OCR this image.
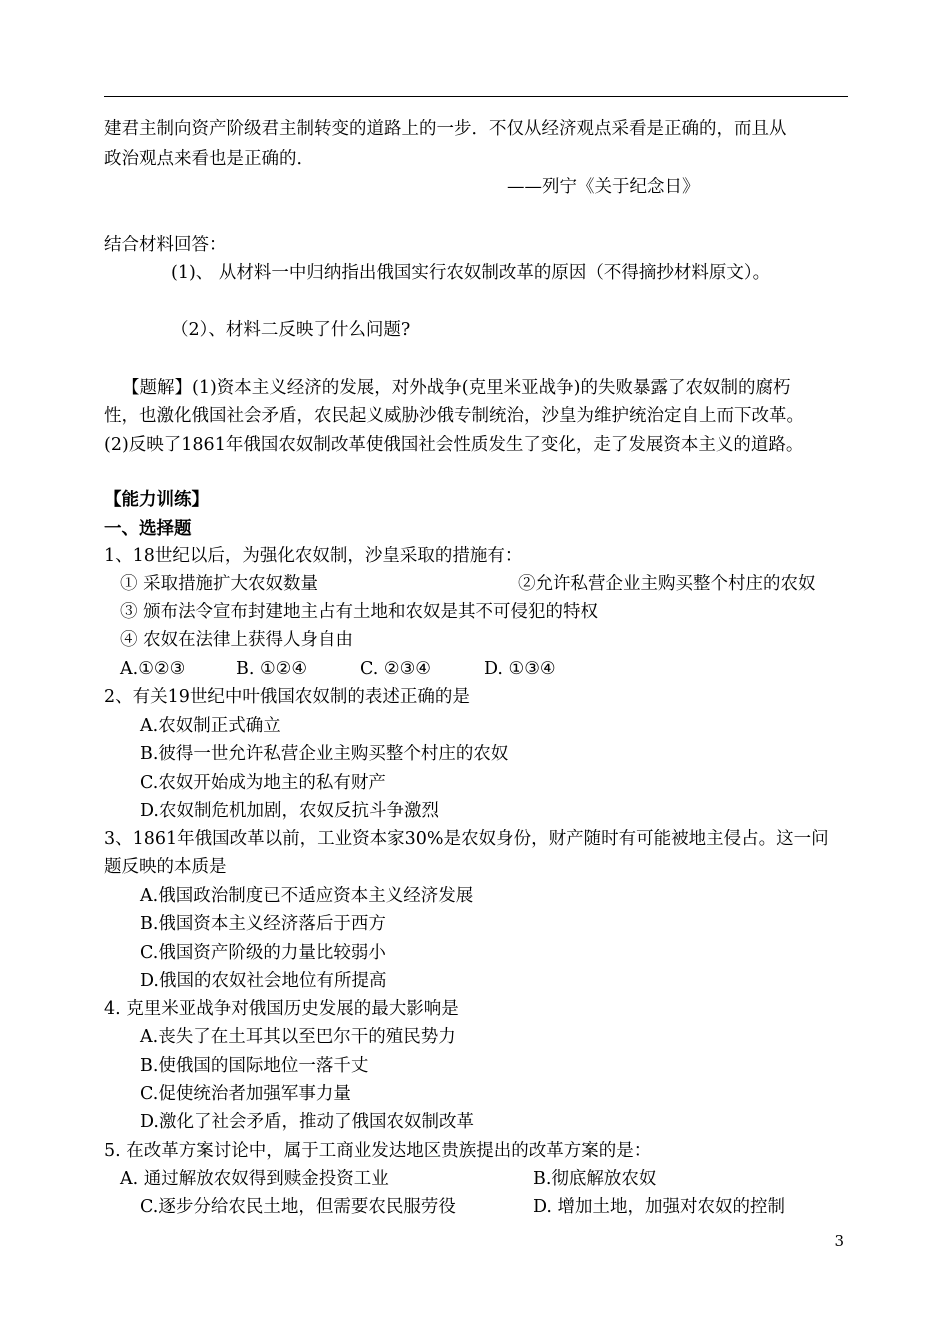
建君主制向资产阶级君主制转变的道路上的一步．不仅从经济观点采看是正确的，而且从
政治观点来看也是正确的．
——列宁《关于纪念日》
结合材料回答：
(1)、 从材料一中归纳指出俄国实行农奴制改革的原因（不得摘抄材料原文）。
（2）、材料二反映了什么问题?
【题解】(1)资本主义经济的发展，对外战争(克里米亚战争)的失败暴露了农奴制的腐朽
性，也激化俄国社会矛盾，农民起义威胁沙俄专制统治，沙皇为维护统治定自上而下改革。
(2)反映了1861年俄国农奴制改革使俄国社会性质发生了变化，走了发展资本主义的道路。
【能力训练】
一、选择题
1、18世纪以后，为强化农奴制，沙皇采取的措施有：
① 采取措施扩大农奴数量	②允许私营企业主购买整个村庄的农奴
③ 颁布法令宣布封建地主占有土地和农奴是其不可侵犯的特权
④ 农奴在法律上获得人身自由
A.①②③	B. ①②④	C. ②③④	D. ①③④
2、有关19世纪中叶俄国农奴制的表述正确的是
A.农奴制正式确立
B.彼得一世允许私营企业主购买整个村庄的农奴
C.农奴开始成为地主的私有财产
D.农奴制危机加剧，农奴反抗斗争激烈
3、1861年俄国改革以前，工业资本家30%是农奴身份，财产随时有可能被地主侵占。这一问
题反映的本质是
A.俄国政治制度已不适应资本主义经济发展
B.俄国资本主义经济落后于西方
C.俄国资产阶级的力量比较弱小
D.俄国的农奴社会地位有所提高
4. 克里米亚战争对俄国历史发展的最大影响是
A.丧失了在土耳其以至巴尔干的殖民势力
B.使俄国的国际地位一落千丈
C.促使统治者加强军事力量
D.激化了社会矛盾，推动了俄国农奴制改革
5. 在改革方案讨论中，属于工商业发达地区贵族提出的改革方案的是：
A. 通过解放农奴得到赎金投资工业	B.彻底解放农奴
C.逐步分给农民土地，但需要农民服劳役	D. 增加土地，加强对农奴的控制
3
